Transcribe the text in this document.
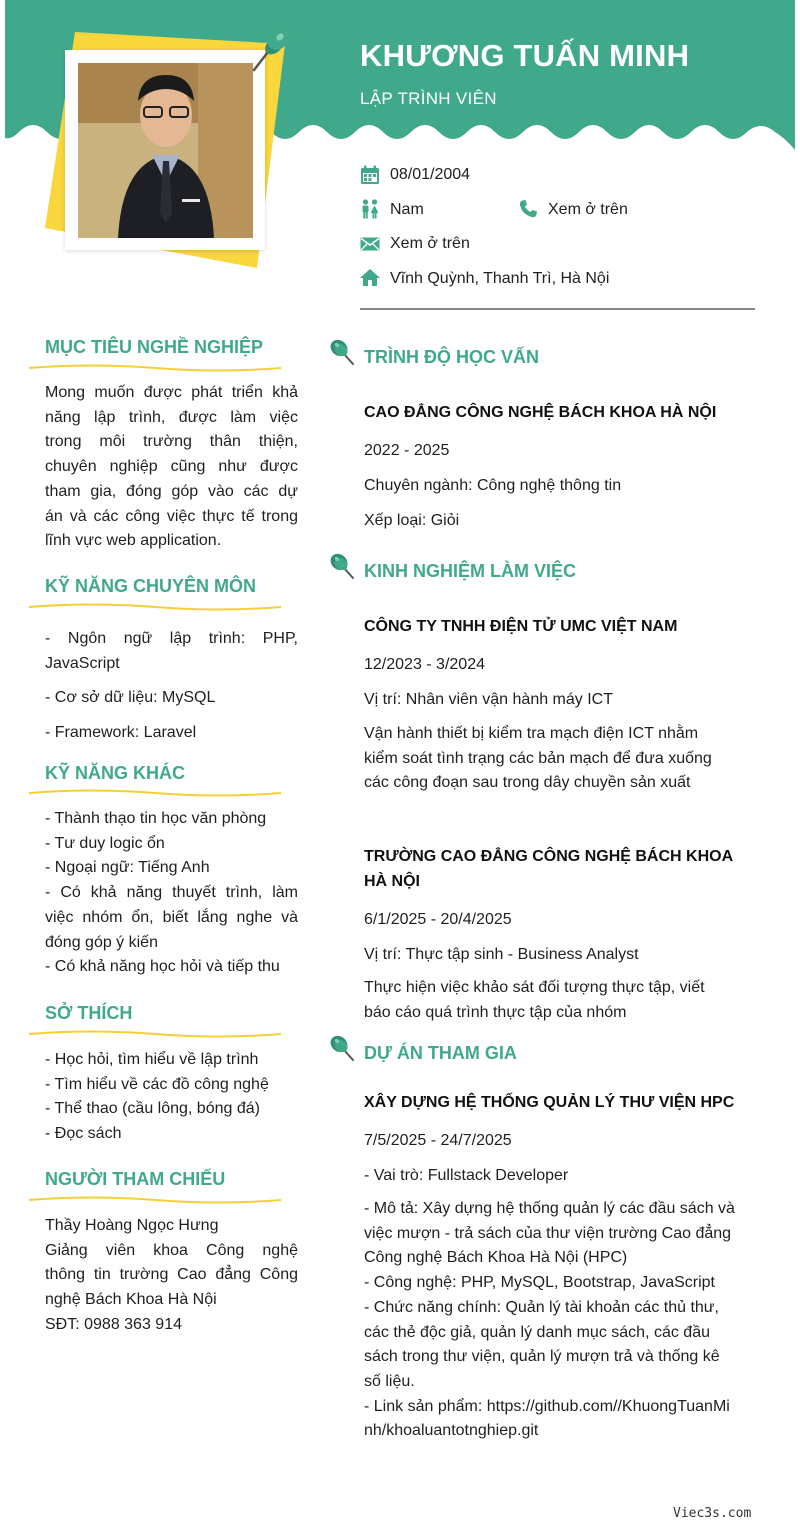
KHƯƠNG TUẤN MINH
LẬP TRÌNH VIÊN
08/01/2004
Nam	Xem ở trên
Xem ở trên
Vĩnh Quỳnh, Thanh Trì, Hà Nội
MỤC TIÊU NGHỀ NGHIỆP
Mong muốn được phát triển khả
năng lập trình, được làm việc
trong môi trường thân thiện,
chuyên nghiệp cũng như được
tham gia, đóng góp vào các dự
án và các công việc thực tế trong
lĩnh vực web application.
KỸ NĂNG CHUYÊN MÔN
- Ngôn ngữ lập trình: PHP, JavaScript
- Cơ sở dữ liệu: MySQL
- Framework: Laravel
KỸ NĂNG KHÁC
- Thành thạo tin học văn phòng
- Tư duy logic ổn
- Ngoại ngữ: Tiếng Anh
- Có khả năng thuyết trình, làm
việc nhóm ổn, biết lắng nghe và
đóng góp ý kiến
- Có khả năng học hỏi và tiếp thu
SỞ THÍCH
- Học hỏi, tìm hiểu về lập trình
- Tìm hiểu về các đồ công nghệ
- Thể thao (cầu lông, bóng đá)
- Đọc sách
NGƯỜI THAM CHIẾU
Thầy Hoàng Ngọc Hưng
Giảng viên khoa Công nghệ
thông tin trường Cao đẳng Công
nghệ Bách Khoa Hà Nội
SĐT: 0988 363 914
TRÌNH ĐỘ HỌC VẤN
CAO ĐẲNG CÔNG NGHỆ BÁCH KHOA HÀ NỘI
2022 - 2025
Chuyên ngành: Công nghệ thông tin
Xếp loại: Giỏi
KINH NGHIỆM LÀM VIỆC
CÔNG TY TNHH ĐIỆN TỬ UMC VIỆT NAM
12/2023 - 3/2024
Vị trí: Nhân viên vận hành máy ICT
Vận hành thiết bị kiểm tra mạch điện ICT nhằm kiểm soát tình trạng các bản mạch để đưa xuống các công đoạn sau trong dây chuyền sản xuất
TRƯỜNG CAO ĐẲNG CÔNG NGHỆ BÁCH KHOA HÀ NỘI
6/1/2025 - 20/4/2025
Vị trí: Thực tập sinh - Business Analyst
Thực hiện việc khảo sát đối tượng thực tập, viết báo cáo quá trình thực tập của nhóm
DỰ ÁN THAM GIA
XÂY DỰNG HỆ THỐNG QUẢN LÝ THƯ VIỆN HPC
7/5/2025 - 24/7/2025
- Vai trò: Fullstack Developer
- Mô tả: Xây dựng hệ thống quản lý các đầu sách và việc mượn - trả sách của thư viện trường Cao đẳng Công nghệ Bách Khoa Hà Nội (HPC)
- Công nghệ: PHP, MySQL, Bootstrap, JavaScript
- Chức năng chính: Quản lý tài khoản các thủ thư, các thẻ độc giả, quản lý danh mục sách, các đầu sách trong thư viện, quản lý mượn trả và thống kê số liệu.
- Link sản phẩm: https://github.com//KhuongTuanMinh/khoaluantotnghiep.git
Viec3s.com
